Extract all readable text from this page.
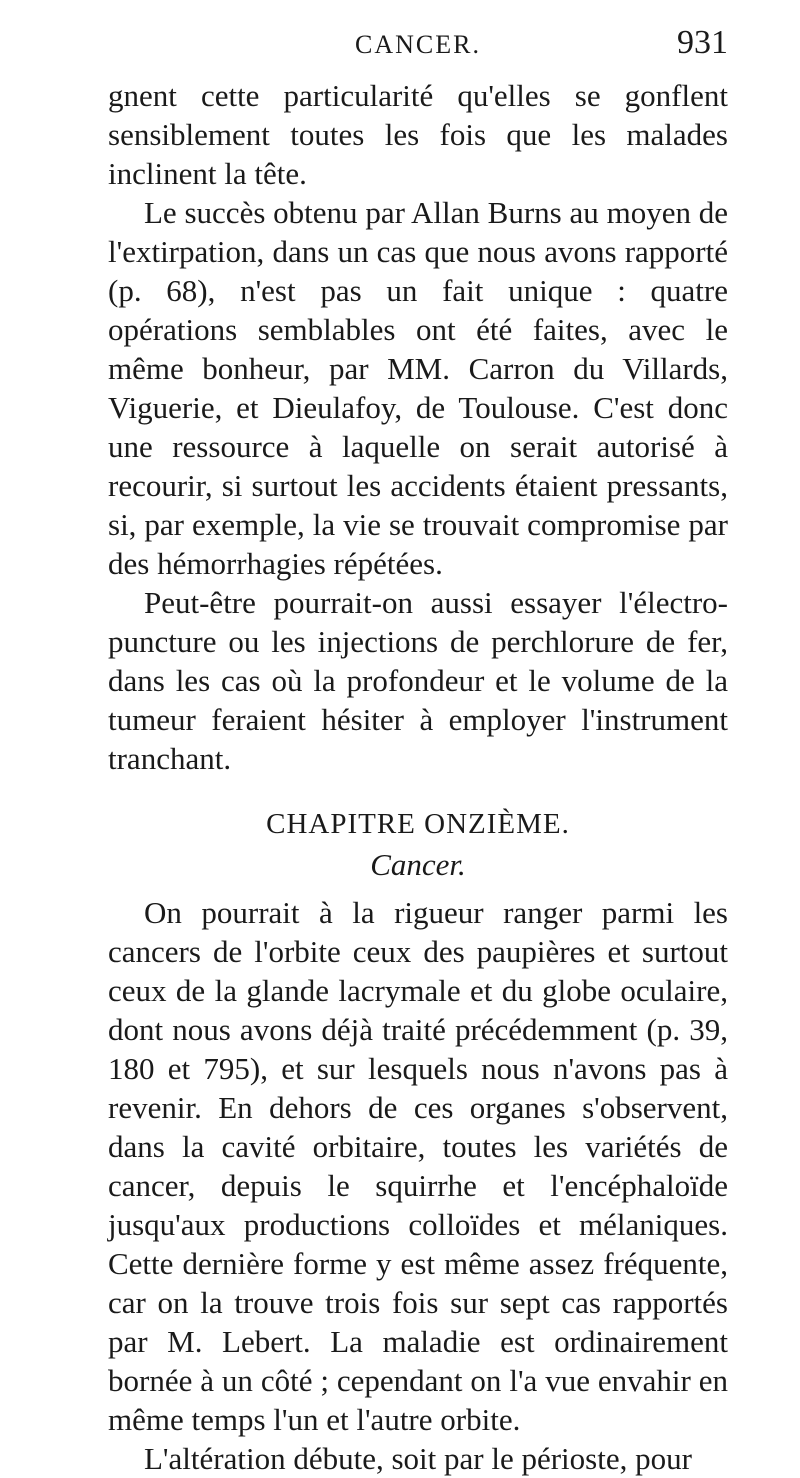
CANCER.	931

gnent cette particularité qu'elles se gonflent sensiblement toutes les fois que les malades inclinent la tête.

Le succès obtenu par Allan Burns au moyen de l'extirpation, dans un cas que nous avons rapporté (p. 68), n'est pas un fait unique : quatre opérations semblables ont été faites, avec le même bonheur, par MM. Carron du Villards, Viguerie, et Dieulafoy, de Toulouse. C'est donc une ressource à laquelle on serait autorisé à recourir, si surtout les accidents étaient pressants, si, par exemple, la vie se trouvait compromise par des hémorrhagies répétées.

Peut-être pourrait-on aussi essayer l'électro-puncture ou les injections de perchlorure de fer, dans les cas où la profondeur et le volume de la tumeur feraient hésiter à employer l'instrument tranchant.

CHAPITRE ONZIÈME.
Cancer.

On pourrait à la rigueur ranger parmi les cancers de l'orbite ceux des paupières et surtout ceux de la glande lacrymale et du globe oculaire, dont nous avons déjà traité précédemment (p. 39, 180 et 795), et sur lesquels nous n'avons pas à revenir. En dehors de ces organes s'observent, dans la cavité orbitaire, toutes les variétés de cancer, depuis le squirrhe et l'encéphaloïde jusqu'aux productions colloïdes et mélaniques. Cette dernière forme y est même assez fréquente, car on la trouve trois fois sur sept cas rapportés par M. Lebert. La maladie est ordinairement bornée à un côté ; cependant on l'a vue envahir en même temps l'un et l'autre orbite.

L'altération débute, soit par le périoste, pour
